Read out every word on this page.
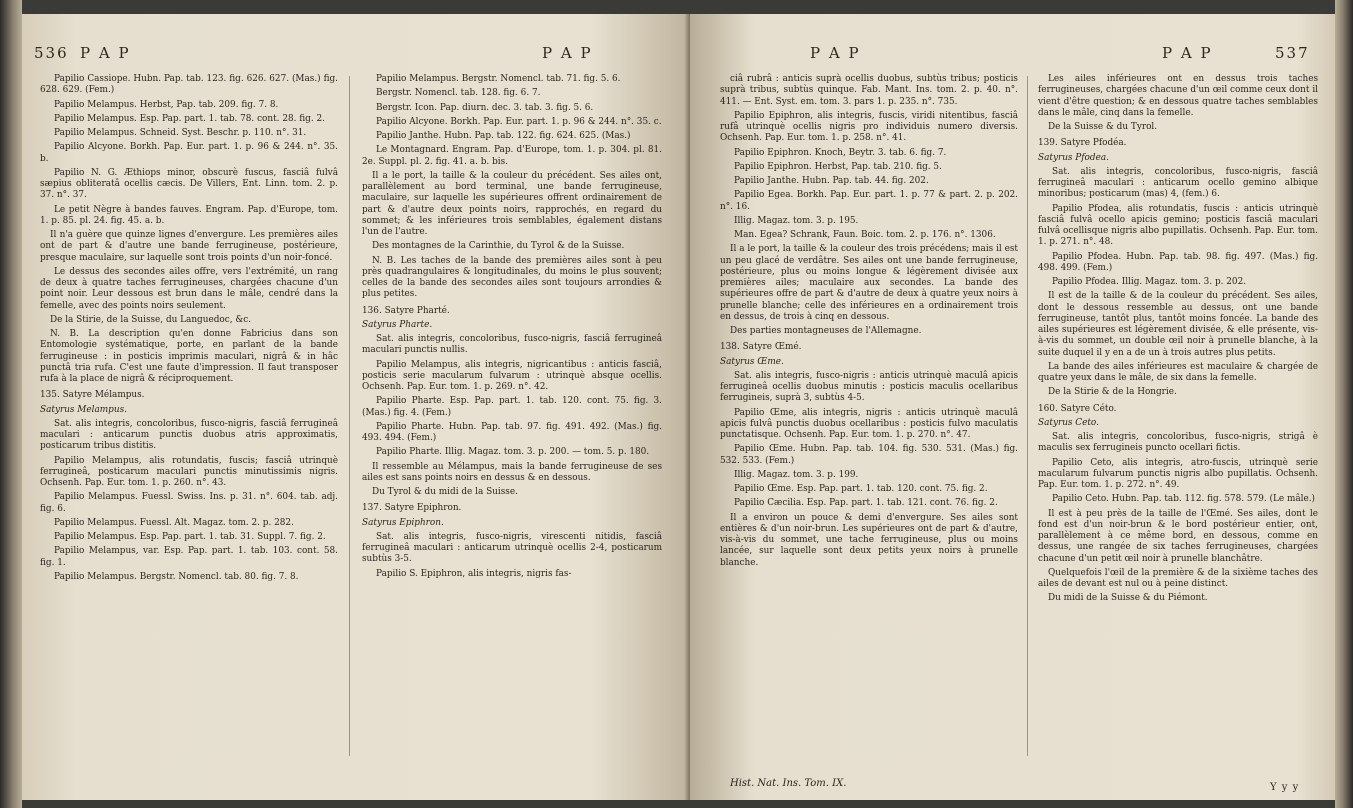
536 P A P	P A P

Papilio Cassiope. Hubn. Pap. tab. 123. fig. 626. 627. (Mas.) fig. 628. 629. (Fem.)

Papilio Melampus. Herbst, Pap. tab. 209. fig. 7. 8.

Papilio Melampus. Esp. Pap. part. 1. tab. 78. cont. 28. fig. 2.

Papilio Melampus. Schneid. Syst. Beschr. p. 110. n°. 31.

Papilio Alcyone. Borkh. Pap. Eur. part. 1. p. 96 & 244. n°. 35. b.

Papilio N. G. Æthiops minor, obscurè fuscus, fasciâ fulvâ sæpius obliteratâ ocellis cæcis. De Villers, Ent. Linn. tom. 2. p. 37. n°. 37.

Le petit Nègre à bandes fauves. Engram. Pap. d'Europe, tom. 1. p. 85. pl. 24. fig. 45. a. b.

Il n'a guère que quinze lignes d'envergure. Les premières ailes ont de part & d'autre une bande ferrugineuse, postérieure, presque maculaire, sur laquelle sont trois points d'un noir-foncé.

Le dessus des secondes ailes offre, vers l'extrémité, un rang de deux à quatre taches ferrugineuses, chargées chacune d'un point noir. Leur dessous est brun dans le mâle, cendré dans la femelle, avec des points noirs seulement.

De la Stirie, de la Suisse, du Languedoc, &c.

N. B. La description qu'en donne Fabricius dans son Entomologie systématique, porte, en parlant de la bande ferrugineuse : in posticis imprimis maculari, nigrâ & in hâc punctâ tria rufa. C'est une faute d'impression. Il faut transposer rufa à la place de nigrâ & réciproquement.

135. Satyre Mélampus.

Satyrus Melampus.

Sat. alis integris, concoloribus, fusco-nigris, fasciâ ferrugineâ maculari : anticarum punctis duobus atris approximatis, posticarum tribus distitis.

Papilio Melampus, alis rotundatis, fuscis; fasciâ utrinquè ferrugineâ, posticarum maculari punctis minutissimis nigris. Ochsenh. Pap. Eur. tom. 1. p. 260. n°. 43.

Papilio Melampus. Fuessl. Swiss. Ins. p. 31. n°. 604. tab. adj. fig. 6.

Papilio Melampus. Fuessl. Alt. Magaz. tom. 2. p. 282.

Papilio Melampus. Esp. Pap. part. 1. tab. 31. Suppl. 7. fig. 2.

Papilio Melampus, var. Esp. Pap. part. 1. tab. 103. cont. 58. fig. 1.

Papilio Melampus. Bergstr. Nomencl. tab. 80. fig. 7. 8.

Papilio Melampus. Bergstr. Nomencl. tab. 71. fig. 5. 6.

Bergstr. Nomencl. tab. 128. fig. 6. 7.

Bergstr. Icon. Pap. diurn. dec. 3. tab. 3. fig. 5. 6.

Papilio Alcyone. Borkh. Pap. Eur. part. 1. p. 96 & 244. n°. 35. c.

Papilio Janthe. Hubn. Pap. tab. 122. fig. 624. 625. (Mas.)

Le Montagnard. Engram. Pap. d'Europe, tom. 1. p. 304. pl. 81. 2e. Suppl. pl. 2. fig. 41. a. b. bis.

Il a le port, la taille & la couleur du précédent. Ses ailes ont, parallèlement au bord terminal, une bande ferrugineuse, maculaire, sur laquelle les supérieures offrent ordinairement de part & d'autre deux points noirs, rapprochés, en regard du sommet; & les inférieures trois semblables, également distans l'un de l'autre.

Des montagnes de la Carinthie, du Tyrol & de la Suisse.

N. B. Les taches de la bande des premières ailes sont à peu près quadrangulaires & longitudinales, du moins le plus souvent; celles de la bande des secondes ailes sont toujours arrondies & plus petites.

136. Satyre Pharté.

Satyrus Pharte.

Sat. alis integris, concoloribus, fusco-nigris, fasciâ ferrugineâ maculari punctis nullis.

Papilio Melampus, alis integris, nigricantibus : anticis fasciâ, posticis serie macularum fulvarum : utrinquè absque ocellis. Ochsenh. Pap. Eur. tom. 1. p. 269. n°. 42.

Papilio Pharte. Esp. Pap. part. 1. tab. 120. cont. 75. fig. 3. (Mas.) fig. 4. (Fem.)

Papilio Pharte. Hubn. Pap. tab. 97. fig. 491. 492. (Mas.) fig. 493. 494. (Fem.)

Papilio Pharte. Illig. Magaz. tom. 3. p. 200. — tom. 5. p. 180.

Il ressemble au Mélampus, mais la bande ferrugineuse de ses ailes est sans points noirs en dessus & en dessous.

Du Tyrol & du midi de la Suisse.

137. Satyre Epiphron.

Satyrus Epiphron.

Sat. alis integris, fusco-nigris, virescenti nitidis, fasciâ ferrugineâ maculari : anticarum utrinquè ocellis 2-4, posticarum subtùs 3-5.

Papilio S. Epiphron, alis integris, nigris fas-

P A P	P A P	537

ciâ rubrâ : anticis suprà ocellis duobus, subtùs tribus; posticis suprà tribus, subtùs quinque. Fab. Mant. Ins. tom. 2. p. 40. n°. 411. — Ent. Syst. em. tom. 3. pars 1. p. 235. n°. 735.

Papilio Epiphron, alis integris, fuscis, viridi nitentibus, fasciâ rufâ utrinquè ocellis nigris pro individuis numero diversis. Ochsenh. Pap. Eur. tom. 1. p. 258. n°. 41.

Papilio Epiphron. Knoch, Beytr. 3. tab. 6. fig. 7.

Papilio Epiphron. Herbst, Pap. tab. 210. fig. 5.

Papilio Janthe. Hubn. Pap. tab. 44. fig. 202.

Papilio Egea. Borkh. Pap. Eur. part. 1. p. 77 & part. 2. p. 202. n°. 16.

Illig. Magaz. tom. 3. p. 195.

Man. Egea? Schrank, Faun. Boic. tom. 2. p. 176. n°. 1306.

Il a le port, la taille & la couleur des trois précédens; mais il est un peu glacé de verdâtre. Ses ailes ont une bande ferrugineuse, postérieure, plus ou moins longue & légèrement divisée aux premières ailes; maculaire aux secondes. La bande des supérieures offre de part & d'autre de deux à quatre yeux noirs à prunelle blanche; celle des inférieures en a ordinairement trois en dessus, de trois à cinq en dessous.

Des parties montagneuses de l'Allemagne.

138. Satyre Œmé.

Satyrus Œme.

Sat. alis integris, fusco-nigris : anticis utrinquè maculâ apicis ferrugineâ ocellis duobus minutis : posticis maculis ocellaribus ferrugineis, suprà 3, subtùs 4-5.

Papilio Œme, alis integris, nigris : anticis utrinquè maculâ apicis fulvâ punctis duobus ocellaribus : posticis fulvo maculatis punctatisque. Ochsenh. Pap. Eur. tom. 1. p. 270. n°. 47.

Papilio Œme. Hubn. Pap. tab. 104. fig. 530. 531. (Mas.) fig. 532. 533. (Fem.)

Illig. Magaz. tom. 3. p. 199.

Papilio Œme. Esp. Pap. part. 1. tab. 120. cont. 75. fig. 2.

Papilio Cæcilia. Esp. Pap. part. 1. tab. 121. cont. 76. fig. 2.

Il a environ un pouce & demi d'envergure. Ses ailes sont entières & d'un noir-brun. Les supérieures ont de part & d'autre, vis-à-vis du sommet, une tache ferrugineuse, plus ou moins lancée, sur laquelle sont deux petits yeux noirs à prunelle blanche.

Les ailes inférieures ont en dessus trois taches ferrugineuses, chargées chacune d'un œil comme ceux dont il vient d'être question; & en dessous quatre taches semblables dans le mâle, cinq dans la femelle.

De la Suisse & du Tyrol.

139. Satyre Pfodéa.

Satyrus Pfodea.

Sat. alis integris, concoloribus, fusco-nigris, fasciâ ferrugineâ maculari : anticarum ocello gemino albique minoribus; posticarum (mas) 4, (fem.) 6.

Papilio Pfodea, alis rotundatis, fuscis : anticis utrinquè fasciâ fulvâ ocello apicis gemino; posticis fasciâ maculari fulvâ ocellisque nigris albo pupillatis. Ochsenh. Pap. Eur. tom. 1. p. 271. n°. 48.

Papilio Pfodea. Hubn. Pap. tab. 98. fig. 497. (Mas.) fig. 498. 499. (Fem.)

Papilio Pfodea. Illig. Magaz. tom. 3. p. 202.

Il est de la taille & de la couleur du précédent. Ses ailes, dont le dessous ressemble au dessus, ont une bande ferrugineuse, tantôt plus, tantôt moins foncée. La bande des ailes supérieures est légèrement divisée, & elle présente, vis-à-vis du sommet, un double œil noir à prunelle blanche, à la suite duquel il y en a de un à trois autres plus petits.

La bande des ailes inférieures est maculaire & chargée de quatre yeux dans le mâle, de six dans la femelle.

De la Stirie & de la Hongrie.

160. Satyre Céto.

Satyrus Ceto.

Sat. alis integris, concoloribus, fusco-nigris, strigâ è maculis sex ferrugineis puncto ocellari fictis.

Papilio Ceto, alis integris, atro-fuscis, utrinquè serie macularum fulvarum punctis nigris albo pupillatis. Ochsenh. Pap. Eur. tom. 1. p. 272. n°. 49.

Papilio Ceto. Hubn. Pap. tab. 112. fig. 578. 579. (Le mâle.)

Il est à peu près de la taille de l'Œmé. Ses ailes, dont le fond est d'un noir-brun & le bord postérieur entier, ont, parallèlement à ce même bord, en dessous, comme en dessus, une rangée de six taches ferrugineuses, chargées chacune d'un petit œil noir à prunelle blanchâtre.

Quelquefois l'œil de la première & de la sixième taches des ailes de devant est nul ou à peine distinct.

Du midi de la Suisse & du Piémont.

Hist. Nat. Ins. Tom. IX.	Y y y
